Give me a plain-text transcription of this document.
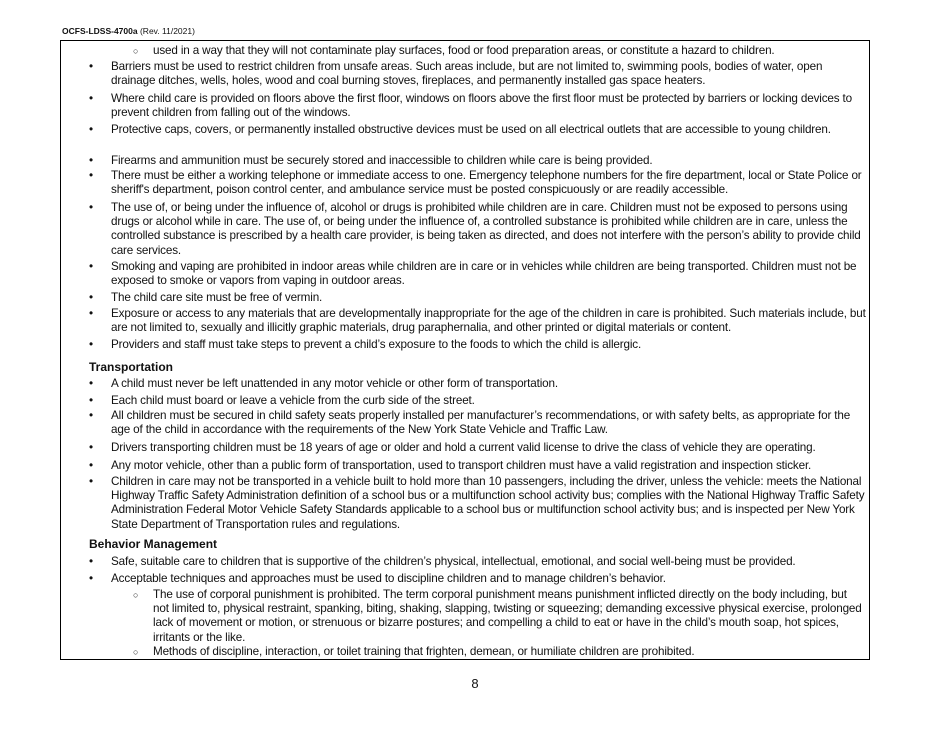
OCFS-LDSS-4700a (Rev. 11/2021)
○ used in a way that they will not contaminate play surfaces, food or food preparation areas, or constitute a hazard to children.
• Barriers must be used to restrict children from unsafe areas. Such areas include, but are not limited to, swimming pools, bodies of water, open drainage ditches, wells, holes, wood and coal burning stoves, fireplaces, and permanently installed gas space heaters.
• Where child care is provided on floors above the first floor, windows on floors above the first floor must be protected by barriers or locking devices to prevent children from falling out of the windows.
• Protective caps, covers, or permanently installed obstructive devices must be used on all electrical outlets that are accessible to young children.
• Firearms and ammunition must be securely stored and inaccessible to children while care is being provided.
• There must be either a working telephone or immediate access to one. Emergency telephone numbers for the fire department, local or State Police or sheriff's department, poison control center, and ambulance service must be posted conspicuously or are readily accessible.
• The use of, or being under the influence of, alcohol or drugs is prohibited while children are in care. Children must not be exposed to persons using drugs or alcohol while in care. The use of, or being under the influence of, a controlled substance is prohibited while children are in care, unless the controlled substance is prescribed by a health care provider, is being taken as directed, and does not interfere with the person’s ability to provide child care services.
• Smoking and vaping are prohibited in indoor areas while children are in care or in vehicles while children are being transported. Children must not be exposed to smoke or vapors from vaping in outdoor areas.
• The child care site must be free of vermin.
• Exposure or access to any materials that are developmentally inappropriate for the age of the children in care is prohibited. Such materials include, but are not limited to, sexually and illicitly graphic materials, drug paraphernalia, and other printed or digital materials or content.
• Providers and staff must take steps to prevent a child’s exposure to the foods to which the child is allergic.
Transportation
• A child must never be left unattended in any motor vehicle or other form of transportation.
• Each child must board or leave a vehicle from the curb side of the street.
• All children must be secured in child safety seats properly installed per manufacturer’s recommendations, or with safety belts, as appropriate for the age of the child in accordance with the requirements of the New York State Vehicle and Traffic Law.
• Drivers transporting children must be 18 years of age or older and hold a current valid license to drive the class of vehicle they are operating.
• Any motor vehicle, other than a public form of transportation, used to transport children must have a valid registration and inspection sticker.
• Children in care may not be transported in a vehicle built to hold more than 10 passengers, including the driver, unless the vehicle: meets the National Highway Traffic Safety Administration definition of a school bus or a multifunction school activity bus; complies with the National Highway Traffic Safety Administration Federal Motor Vehicle Safety Standards applicable to a school bus or multifunction school activity bus; and is inspected per New York State Department of Transportation rules and regulations.
Behavior Management
• Safe, suitable care to children that is supportive of the children’s physical, intellectual, emotional, and social well-being must be provided.
• Acceptable techniques and approaches must be used to discipline children and to manage children’s behavior.
○ The use of corporal punishment is prohibited. The term corporal punishment means punishment inflicted directly on the body including, but not limited to, physical restraint, spanking, biting, shaking, slapping, twisting or squeezing; demanding excessive physical exercise, prolonged lack of movement or motion, or strenuous or bizarre postures; and compelling a child to eat or have in the child’s mouth soap, hot spices, irritants or the like.
○ Methods of discipline, interaction, or toilet training that frighten, demean, or humiliate children are prohibited.
8
